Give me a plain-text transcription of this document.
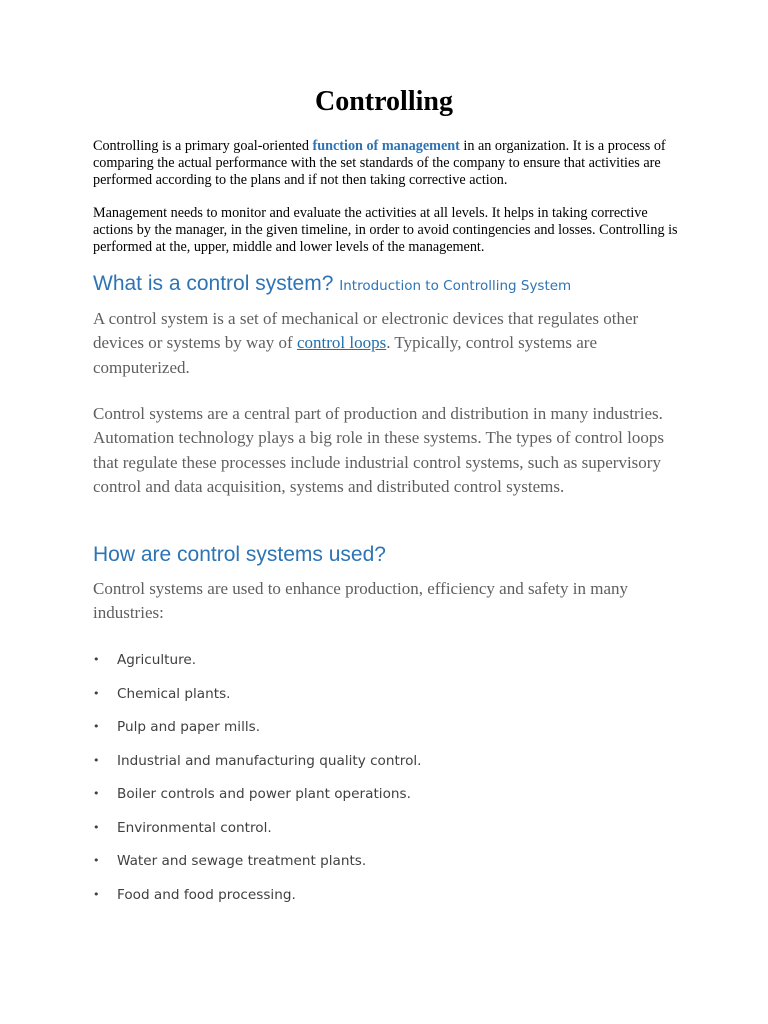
Controlling

Controlling is a primary goal-oriented function of management in an organization. It is a process of comparing the actual performance with the set standards of the company to ensure that activities are performed according to the plans and if not then taking corrective action.

Management needs to monitor and evaluate the activities at all levels. It helps in taking corrective actions by the manager, in the given timeline, in order to avoid contingencies and losses. Controlling is performed at the, upper, middle and lower levels of the management.

What is a control system? Introduction to Controlling System

A control system is a set of mechanical or electronic devices that regulates other devices or systems by way of control loops. Typically, control systems are computerized.

Control systems are a central part of production and distribution in many industries. Automation technology plays a big role in these systems. The types of control loops that regulate these processes include industrial control systems, such as supervisory control and data acquisition, systems and distributed control systems.

How are control systems used?

Control systems are used to enhance production, efficiency and safety in many industries:

• Agriculture.
• Chemical plants.
• Pulp and paper mills.
• Industrial and manufacturing quality control.
• Boiler controls and power plant operations.
• Environmental control.
• Water and sewage treatment plants.
• Food and food processing.
